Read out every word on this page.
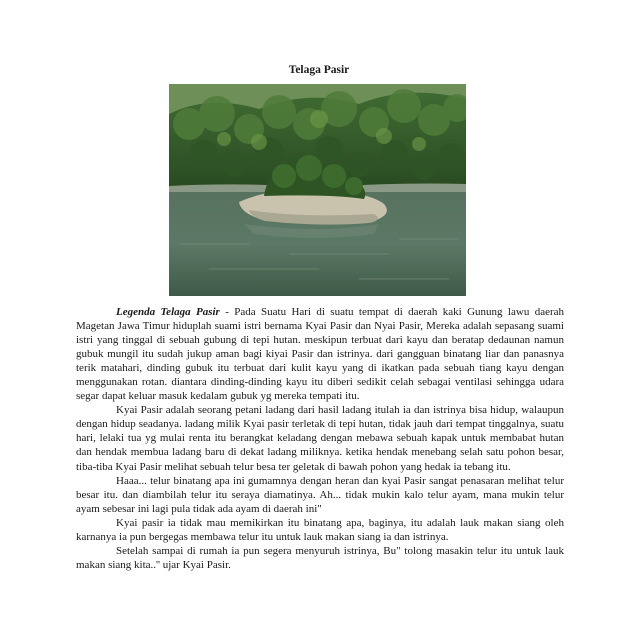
Telaga Pasir

Legenda Telaga Pasir - Pada Suatu Hari di suatu tempat di daerah kaki Gunung lawu daerah Magetan Jawa Timur hiduplah suami istri bernama Kyai Pasir dan Nyai Pasir, Mereka adalah sepasang suami istri yang tinggal di sebuah gubung di tepi hutan. meskipun terbuat dari kayu dan beratap dedaunan namun gubuk mungil itu sudah jukup aman bagi kiyai Pasir dan istrinya. dari gangguan binatang liar dan panasnya terik matahari, dinding gubuk itu terbuat dari kulit kayu yang di ikatkan pada sebuah tiang kayu dengan menggunakan rotan. diantara dinding-dinding kayu itu diberi sedikit celah sebagai ventilasi sehingga udara segar dapat keluar masuk kedalam gubuk yg mereka tempati itu.

Kyai Pasir adalah seorang petani ladang dari hasil ladang itulah ia dan istrinya bisa hidup, walaupun dengan hidup seadanya. ladang milik Kyai pasir terletak di tepi hutan, tidak jauh dari tempat tinggalnya, suatu hari, lelaki tua yg mulai renta itu berangkat keladang dengan mebawa sebuah kapak untuk membabat hutan dan hendak membua ladang baru di dekat ladang miliknya. ketika hendak menebang selah satu pohon besar, tiba-tiba Kyai Pasir melihat sebuah telur besa ter geletak di bawah pohon yang hedak ia tebang itu.

Haaa... telur binatang apa ini gumamnya dengan heran dan kyai Pasir sangat penasaran melihat telur besar itu. dan diambilah telur itu seraya diamatinya. Ah... tidak mukin kalo telur ayam, mana mukin telur ayam sebesar ini lagi pula tidak ada ayam di daerah ini"

Kyai pasir ia tidak mau memikirkan itu binatang apa, baginya, itu adalah lauk makan siang oleh karnanya ia pun bergegas membawa telur itu untuk lauk makan siang ia dan istrinya.

Setelah sampai di rumah ia pun segera menyuruh istrinya, Bu" tolong masakin telur itu untuk lauk makan siang kita..'' ujar Kyai Pasir.
